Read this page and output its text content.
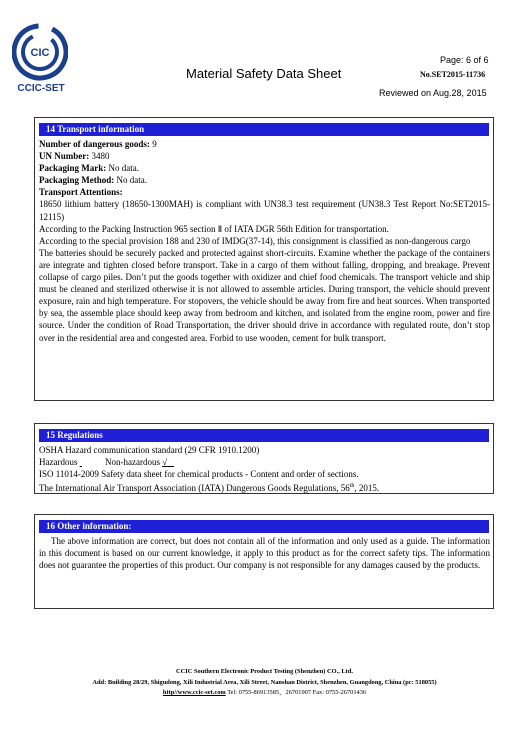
CIC
CCIC-SET
Material Safety Data Sheet
Page: 6 of 6
No.SET2015-11736
Reviewed on Aug.28, 2015
14 Transport information

Number of dangerous goods: 9

UN Number: 3480

Packaging Mark: No data.

Packaging Method: No data.

Transport Attentions:

18650 lithium battery (18650-1300MAH) is compliant with UN38.3 test requirement (UN38.3 Test Report No:SET2015-12115)

According to the Packing Instruction 965 section Ⅱ of IATA DGR 56th Edition for transportation.

According to the special provision 188 and 230 of IMDG(37-14), this consignment is classified as non-dangerous cargo

The batteries should be securely packed and protected against short-circuits. Examine whether the package of the containers are integrate and tighten closed before transport. Take in a cargo of them without falling, dropping, and breakage. Prevent collapse of cargo piles. Don’t put the goods together with oxidizer and chief food chemicals. The transport vehicle and ship must be cleaned and sterilized otherwise it is not allowed to assemble articles. During transport, the vehicle should prevent exposure, rain and high temperature. For stopovers, the vehicle should be away from fire and heat sources. When transported by sea, the assemble place should keep away from bedroom and kitchen, and isolated from the engine room, power and fire source. Under the condition of Road Transportation, the driver should drive in accordance with regulated route, don’t stop over in the residential area and congested area. Forbid to use wooden, cement for bulk transport.

15 Regulations

OSHA Hazard communication standard (29 CFR 1910.1200)

Hazardous	Non-hazardous √

ISO 11014-2009 Safety data sheet for chemical products - Content and order of sections.

The International Air Transport Association (IATA) Dangerous Goods Regulations, 56th, 2015.

16 Other information:

The above information are correct, but does not contain all of the information and only used as a guide. The information in this document is based on our current knowledge, it apply to this product as for the correct safety tips. The information does not guarantee the properties of this product. Our company is not responsible for any damages caused by the products.

CCIC Southern Electronic Product Testing (Shenzhen) CO., Ltd.
Add: Building 28/29, Shigudong, Xili Industrial Area, Xili Street, Nanshan District, Shenzhen, Guangdong, China (pc: 518055)
http//www.ccic-set.com Tel: 0755-86913585，26701907 Fax: 0755-26701436
